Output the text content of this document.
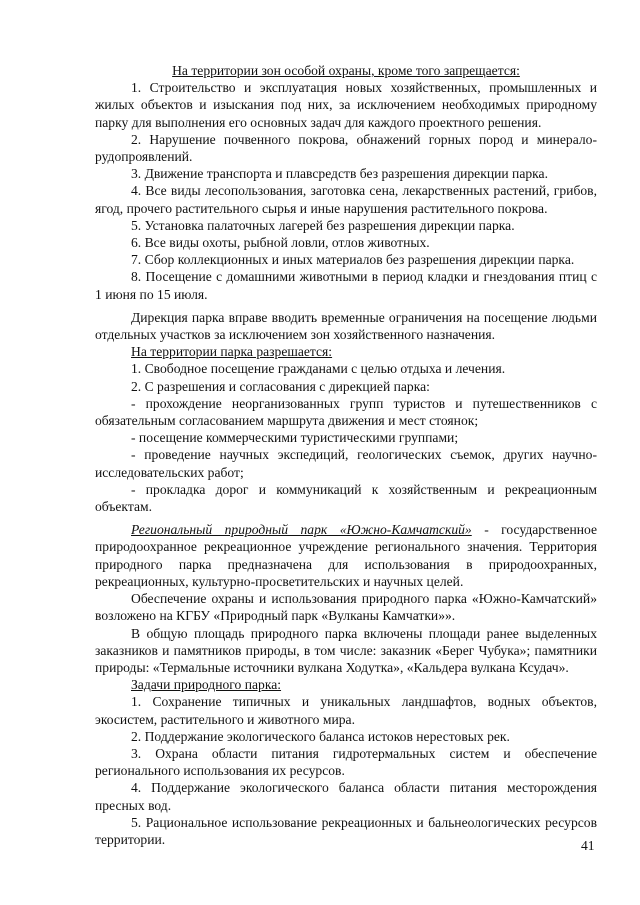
На территории зон особой охраны, кроме того запрещается:

1. Строительство и эксплуатация новых хозяйственных, промышленных и жилых объектов и изыскания под них, за исключением необходимых природному парку для выполнения его основных задач для каждого проектного решения.

2. Нарушение почвенного покрова, обнажений горных пород и минерало-рудопроявлений.

3. Движение транспорта и плавсредств без разрешения дирекции парка.

4. Все виды лесопользования, заготовка сена, лекарственных растений, грибов, ягод, прочего растительного сырья и иные нарушения растительного покрова.

5. Установка палаточных лагерей без разрешения дирекции парка.

6. Все виды охоты, рыбной ловли, отлов животных.

7. Сбор коллекционных и иных материалов без разрешения дирекции парка.

8. Посещение с домашними животными в период кладки и гнездования птиц с 1 июня по 15 июля.

Дирекция парка вправе вводить временные ограничения на посещение людьми отдельных участков за исключением зон хозяйственного назначения.

На территории парка разрешается:

1. Свободное посещение гражданами с целью отдыха и лечения.

2. С разрешения и согласования с дирекцией парка:

- прохождение неорганизованных групп туристов и путешественников с обязательным согласованием маршрута движения и мест стоянок;

- посещение коммерческими туристическими группами;

- проведение научных экспедиций, геологических съемок, других научно-исследовательских работ;

- прокладка дорог и коммуникаций к хозяйственным и рекреационным объектам.

Региональный природный парк «Южно-Камчатский» - государственное природоохранное рекреационное учреждение регионального значения. Территория природного парка предназначена для использования в природоохранных, рекреационных, культурно-просветительских и научных целей.

Обеспечение охраны и использования природного парка «Южно-Камчатский» возложено на КГБУ «Природный парк «Вулканы Камчатки»».

В общую площадь природного парка включены площади ранее выделенных заказников и памятников природы, в том числе: заказник «Берег Чубука»; памятники природы: «Термальные источники вулкана Ходутка», «Кальдера вулкана Ксудач».

Задачи природного парка:

1. Сохранение типичных и уникальных ландшафтов, водных объектов, экосистем, растительного и животного мира.

2. Поддержание экологического баланса истоков нерестовых рек.

3. Охрана области питания гидротермальных систем и обеспечение регионального использования их ресурсов.

4. Поддержание экологического баланса области питания месторождения пресных вод.

5. Рациональное использование рекреационных и бальнеологических ресурсов территории.	41
